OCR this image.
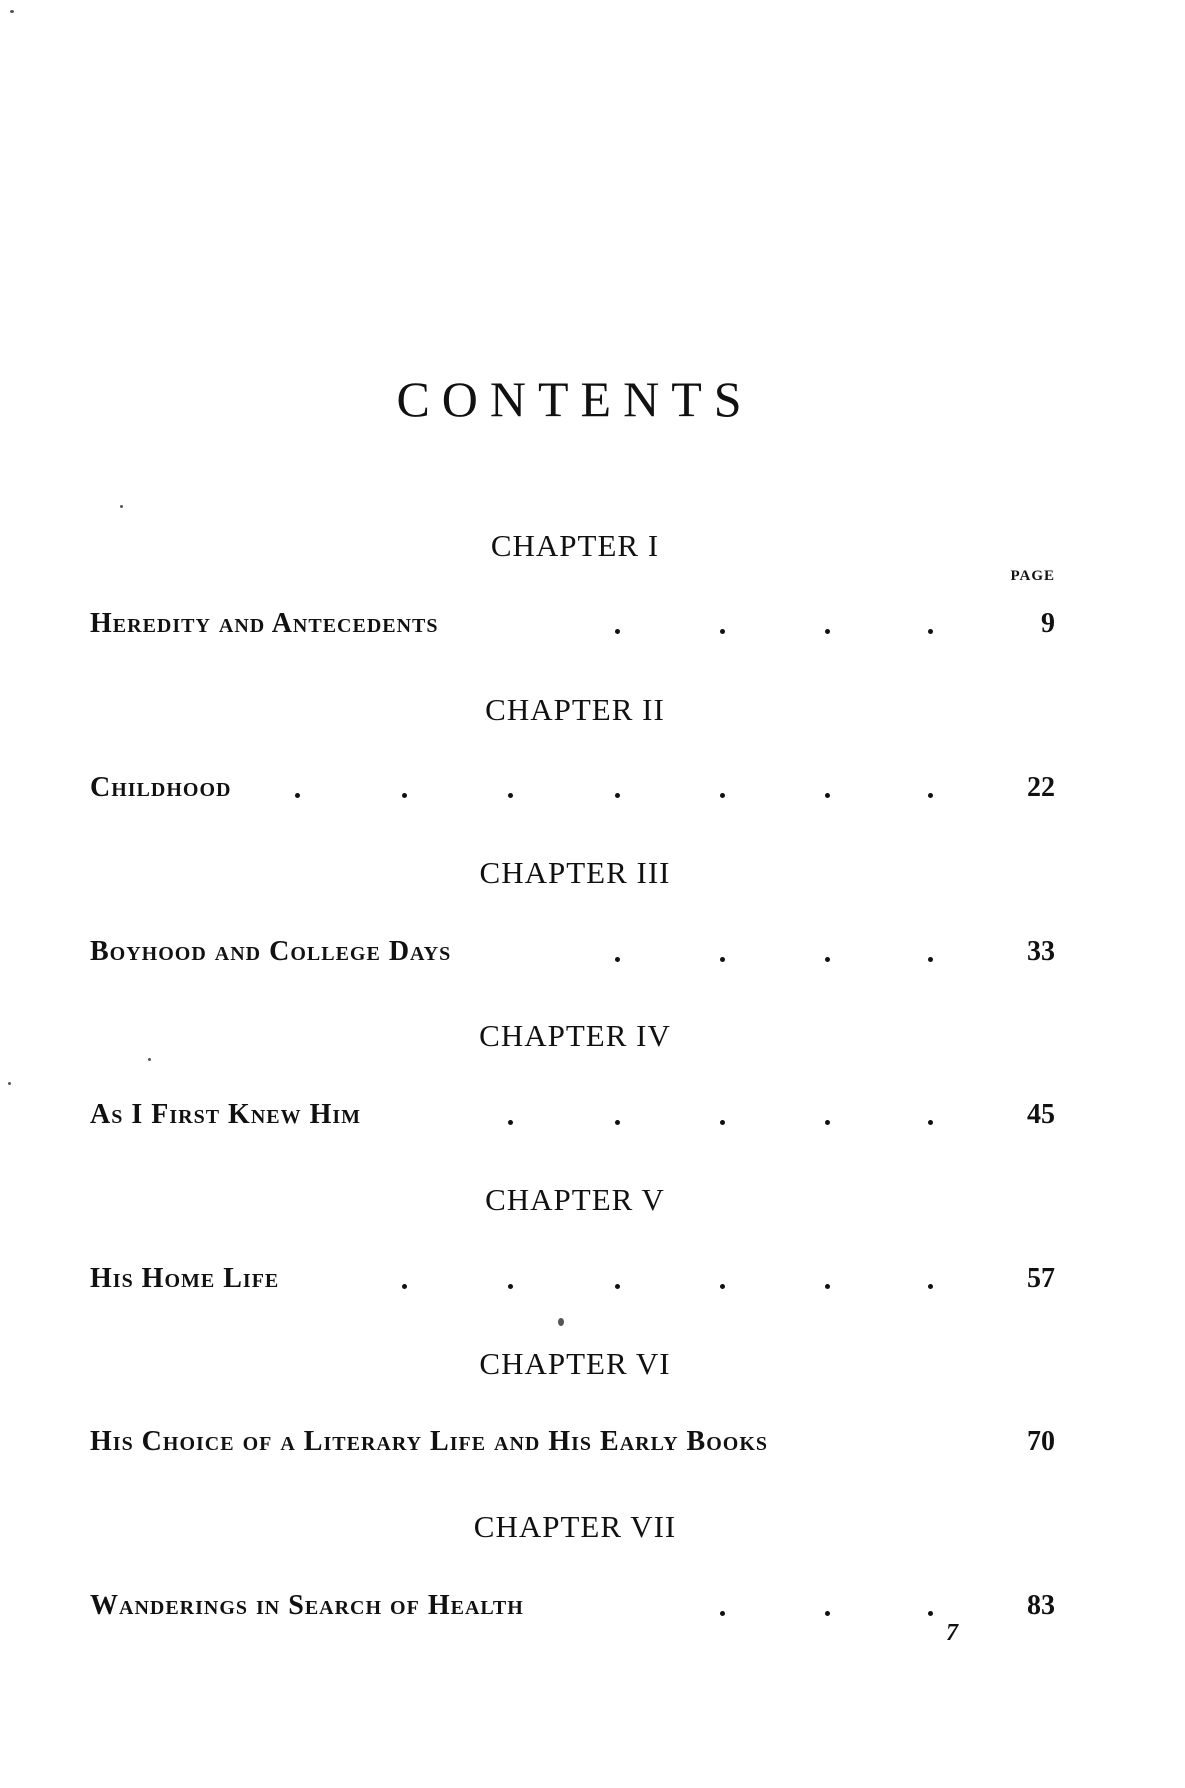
CONTENTS
PAGE
CHAPTER I
Heredity and Antecedents	9
CHAPTER II
Childhood	22
CHAPTER III
Boyhood and College Days	33
CHAPTER IV
As I First Knew Him	45
CHAPTER V
His Home Life	57
CHAPTER VI
His Choice of a Literary Life and His Early Books	70
CHAPTER VII
Wanderings in Search of Health	83
7
